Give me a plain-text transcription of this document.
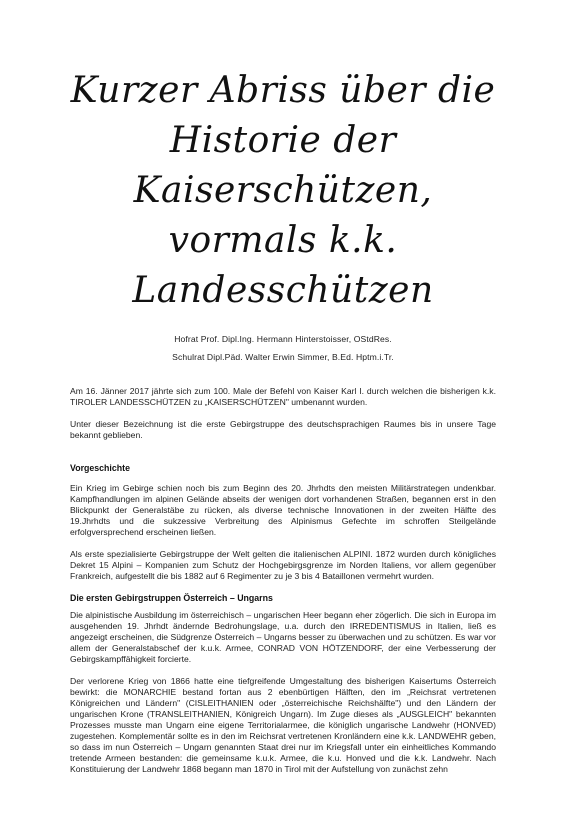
Kurzer Abriss über die Historie der Kaiserschützen, vormals k.k. Landesschützen
Hofrat Prof. Dipl.Ing. Hermann Hinterstoisser, OStdRes.
Schulrat Dipl.Päd. Walter Erwin Simmer, B.Ed. Hptm.i.Tr.

Am 16. Jänner 2017 jährte sich zum 100. Male der Befehl von Kaiser Karl I. durch welchen die bisherigen k.k. TIROLER LANDESSCHÜTZEN zu „KAISERSCHÜTZEN" umbenannt wurden.

Unter dieser Bezeichnung ist die erste Gebirgstruppe des deutschsprachigen Raumes bis in unsere Tage bekannt geblieben.

Vorgeschichte

Ein Krieg im Gebirge schien noch bis zum Beginn des 20. Jhrhdts den meisten Militärstrategen undenkbar. Kampfhandlungen im alpinen Gelände abseits der wenigen dort vorhandenen Straßen, begannen erst in den Blickpunkt der Generalstäbe zu rücken, als diverse technische Innovationen in der zweiten Hälfte des 19.Jhrhdts und die sukzessive Verbreitung des Alpinismus Gefechte im schroffen Steilgelände erfolgversprechend erscheinen ließen.

Als erste spezialisierte Gebirgstruppe der Welt gelten die italienischen ALPINI. 1872 wurden durch königliches Dekret 15 Alpini – Kompanien zum Schutz der Hochgebirgsgrenze im Norden Italiens, vor allem gegenüber Frankreich, aufgestellt die bis 1882 auf 6 Regimenter zu je 3 bis 4 Bataillonen vermehrt wurden.

Die ersten Gebirgstruppen Österreich – Ungarns

Die alpinistische Ausbildung im österreichisch – ungarischen Heer begann eher zögerlich. Die sich in Europa im ausgehenden 19. Jhrhdt ändernde Bedrohungslage, u.a. durch den IRREDENTISMUS in Italien, ließ es angezeigt erscheinen, die Südgrenze Österreich – Ungarns besser zu überwachen und zu schützen. Es war vor allem der Generalstabschef der k.u.k. Armee, CONRAD VON HÖTZENDORF, der eine Verbesserung der Gebirgskampffähigkeit forcierte.

Der verlorene Krieg von 1866 hatte eine tiefgreifende Umgestaltung des bisherigen Kaisertums Österreich bewirkt: die MONARCHIE bestand fortan aus 2 ebenbürtigen Hälften, den im „Reichsrat vertretenen Königreichen und Ländern" (CISLEITHANIEN oder „österreichische Reichshälfte") und den Ländern der ungarischen Krone (TRANSLEITHANIEN, Königreich Ungarn). Im Zuge dieses als „AUSGLEICH" bekannten Prozesses musste man Ungarn eine eigene Territorialarmee, die königlich ungarische Landwehr (HONVED) zugestehen. Komplementär sollte es in den im Reichsrat vertretenen Kronländern eine k.k. LANDWEHR geben, so dass im nun Österreich – Ungarn genannten Staat drei nur im Kriegsfall unter ein einheitliches Kommando tretende Armeen bestanden: die gemeinsame k.u.k. Armee, die k.u. Honved und die k.k. Landwehr. Nach Konstituierung der Landwehr 1868 begann man 1870 in Tirol mit der Aufstellung von zunächst zehn
